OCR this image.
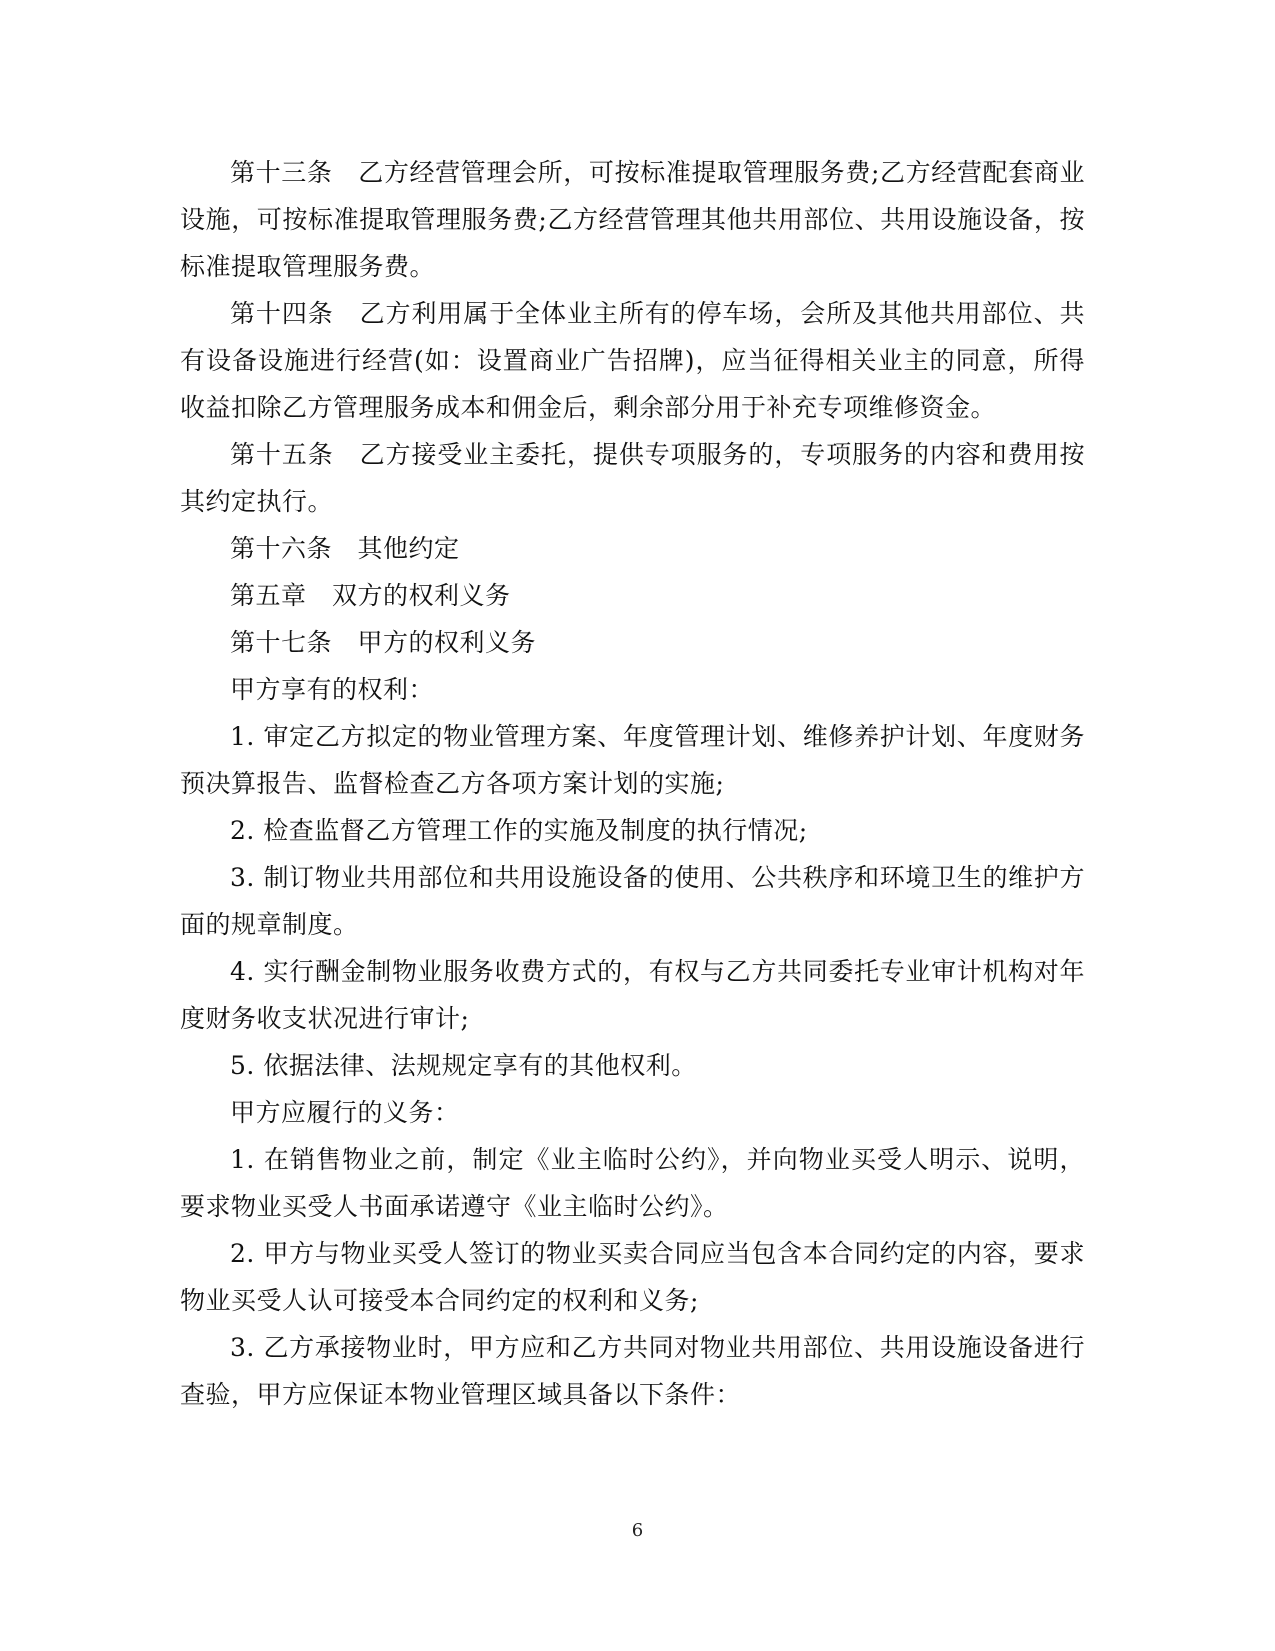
第十三条　乙方经营管理会所，可按标准提取管理服务费;乙方经营配套商业设施，可按标准提取管理服务费;乙方经营管理其他共用部位、共用设施设备，按标准提取管理服务费。

第十四条　乙方利用属于全体业主所有的停车场，会所及其他共用部位、共有设备设施进行经营(如：设置商业广告招牌)，应当征得相关业主的同意，所得收益扣除乙方管理服务成本和佣金后，剩余部分用于补充专项维修资金。

第十五条　乙方接受业主委托，提供专项服务的，专项服务的内容和费用按其约定执行。

第十六条　其他约定

第五章　双方的权利义务

第十七条　甲方的权利义务

甲方享有的权利：

1. 审定乙方拟定的物业管理方案、年度管理计划、维修养护计划、年度财务预决算报告、监督检查乙方各项方案计划的实施;

2. 检查监督乙方管理工作的实施及制度的执行情况;

3. 制订物业共用部位和共用设施设备的使用、公共秩序和环境卫生的维护方面的规章制度。

4. 实行酬金制物业服务收费方式的，有权与乙方共同委托专业审计机构对年度财务收支状况进行审计;

5. 依据法律、法规规定享有的其他权利。

甲方应履行的义务：

1. 在销售物业之前，制定《业主临时公约》，并向物业买受人明示、说明，要求物业买受人书面承诺遵守《业主临时公约》。

2. 甲方与物业买受人签订的物业买卖合同应当包含本合同约定的内容，要求物业买受人认可接受本合同约定的权利和义务;

3. 乙方承接物业时，甲方应和乙方共同对物业共用部位、共用设施设备进行查验，甲方应保证本物业管理区域具备以下条件：

6
